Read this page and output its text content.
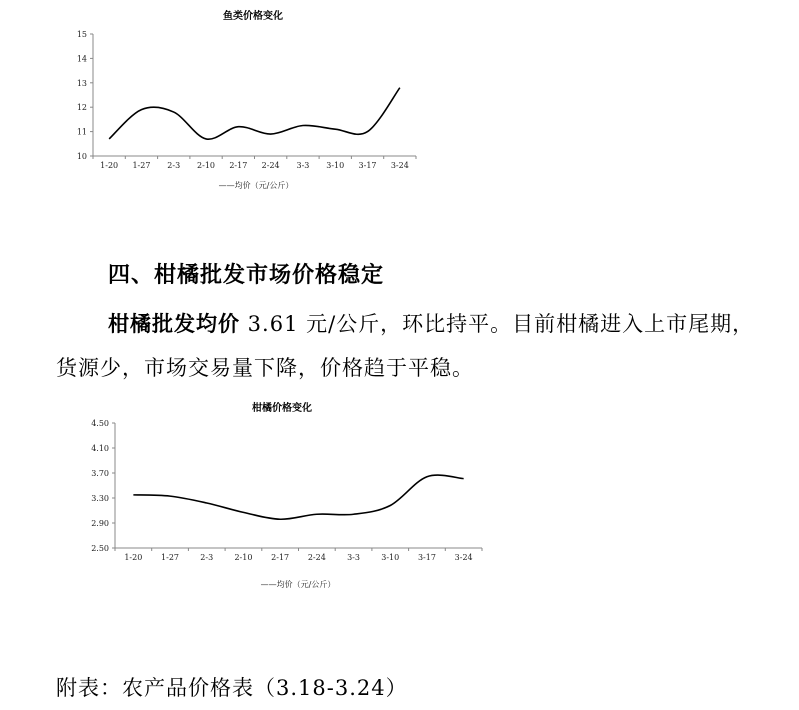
鱼类价格变化
10
11
12
13
14
15
1-20 1-27 2-3 2-10 2-17 2-24 3-3 3-10 3-17 3-24
——均价（元/公斤）
四、柑橘批发市场价格稳定
柑橘批发均价 3.61 元/公斤，环比持平。目前柑橘进入上市尾期，货源少，市场交易量下降，价格趋于平稳。
柑橘价格变化
2.50
2.90
3.30
3.70
4.10
4.50
1-20 1-27	2-3	2-10 2-17 2-24	3-3	3-10 3-17 3-24
——均价（元/公斤）
附表：农产品价格表（3.18-3.24）
